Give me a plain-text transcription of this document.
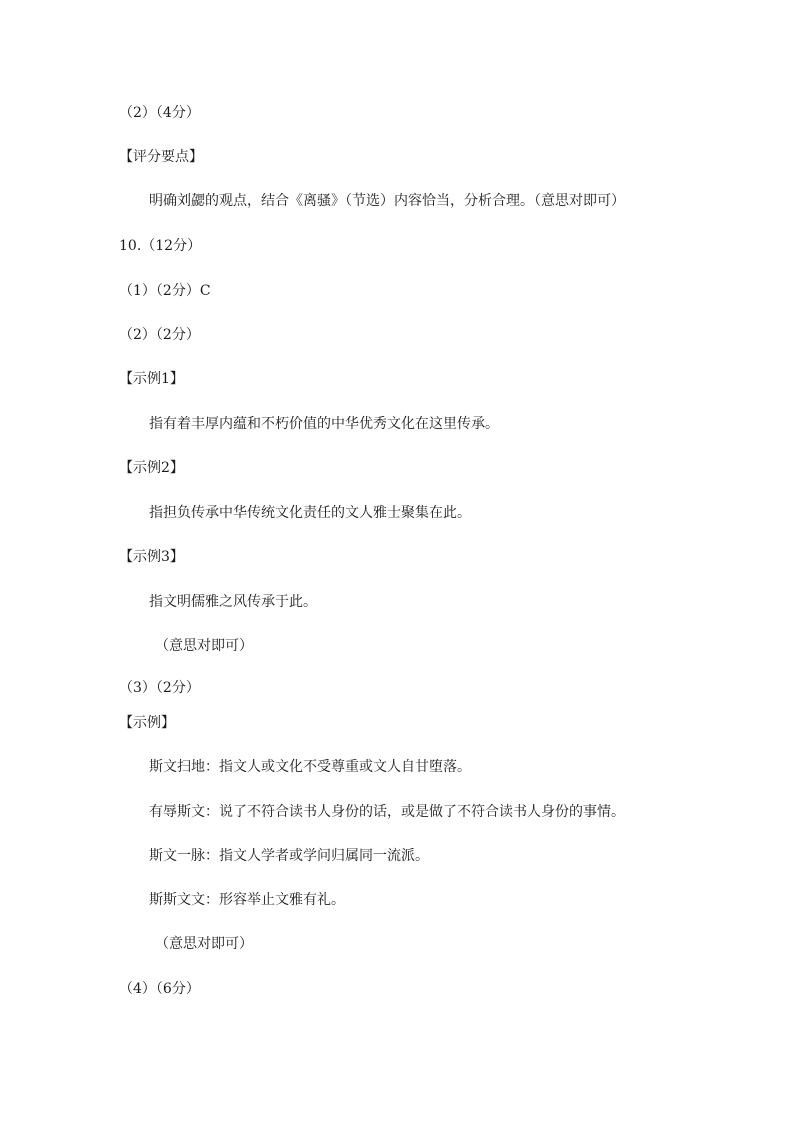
（2）（4分）
【评分要点】
明确刘勰的观点，结合《离骚》（节选）内容恰当，分析合理。（意思对即可）
10.（12分）
（1）（2分）C
（2）（2分）
【示例1】
指有着丰厚内蕴和不朽价值的中华优秀文化在这里传承。
【示例2】
指担负传承中华传统文化责任的文人雅士聚集在此。
【示例3】
指文明儒雅之风传承于此。
（意思对即可）
（3）（2分）
【示例】
斯文扫地：指文人或文化不受尊重或文人自甘堕落。
有辱斯文：说了不符合读书人身份的话，或是做了不符合读书人身份的事情。
斯文一脉：指文人学者或学问归属同一流派。
斯斯文文：形容举止文雅有礼。
（意思对即可）
（4）（6分）
